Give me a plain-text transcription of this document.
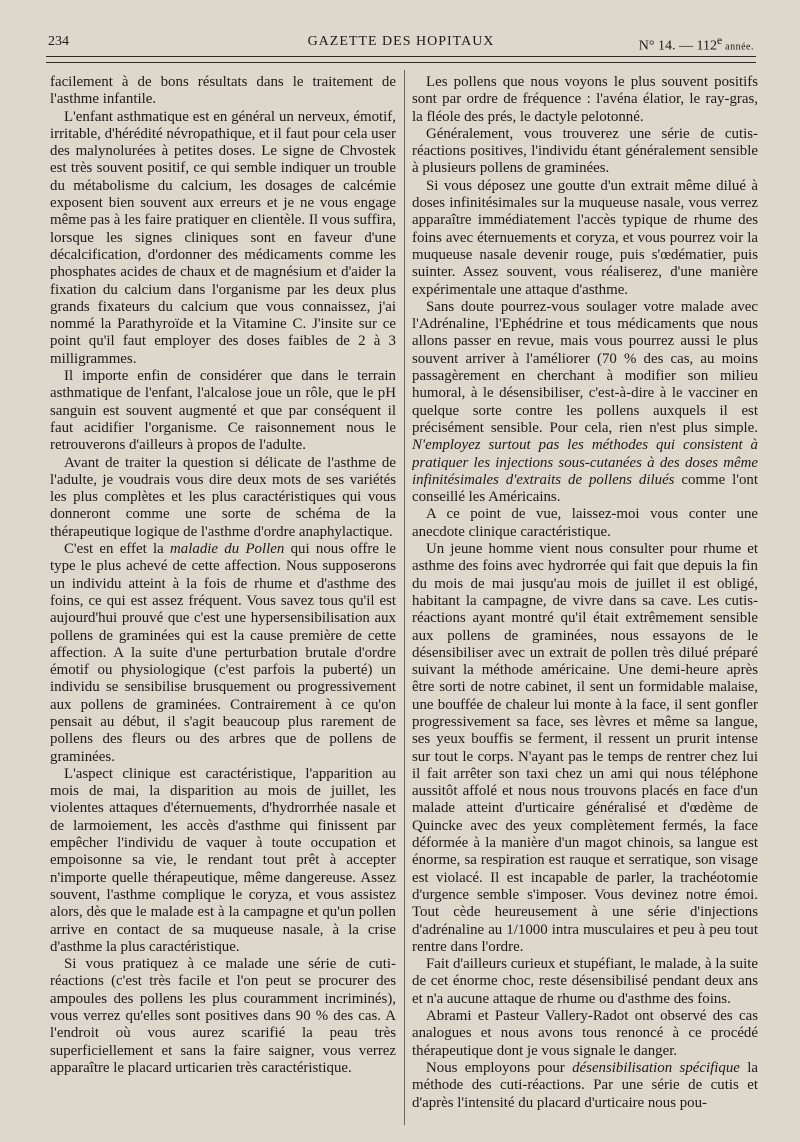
234	GAZETTE DES HOPITAUX	N° 14. — 112e année.

facilement à de bons résultats dans le traitement de l'asthme infantile.

L'enfant asthmatique est en général un nerveux, émotif, irritable, d'hérédité névropathique, et il faut pour cela user des malynolurées à petites doses. Le signe de Chvostek est très souvent positif, ce qui semble indiquer un trouble du métabolisme du calcium, les dosages de calcémie exposent bien souvent aux erreurs et je ne vous engage même pas à les faire pratiquer en clientèle. Il vous suffira, lorsque les signes cliniques sont en faveur d'une décalcification, d'ordonner des médicaments comme les phosphates acides de chaux et de magnésium et d'aider la fixation du calcium dans l'organisme par les deux plus grands fixateurs du calcium que vous connaissez, j'ai nommé la Parathyroïde et la Vitamine C. J'insite sur ce point qu'il faut employer des doses faibles de 2 à 3 milligrammes.

Il importe enfin de considérer que dans le terrain asthmatique de l'enfant, l'alcalose joue un rôle, que le pH sanguin est souvent augmenté et que par conséquent il faut acidifier l'organisme. Ce raisonnement nous le retrouverons d'ailleurs à propos de l'adulte.

Avant de traiter la question si délicate de l'asthme de l'adulte, je voudrais vous dire deux mots de ses variétés les plus complètes et les plus caractéristiques qui vous donneront comme une sorte de schéma de la thérapeutique logique de l'asthme d'ordre anaphylactique.

C'est en effet la maladie du Pollen qui nous offre le type le plus achevé de cette affection. Nous supposerons un individu atteint à la fois de rhume et d'asthme des foins, ce qui est assez fréquent. Vous savez tous qu'il est aujourd'hui prouvé que c'est une hypersensibilisation aux pollens de graminées qui est la cause première de cette affection. A la suite d'une perturbation brutale d'ordre émotif ou physiologique (c'est parfois la puberté) un individu se sensibilise brusquement ou progressivement aux pollens de graminées. Contrairement à ce qu'on pensait au début, il s'agit beaucoup plus rarement de pollens des fleurs ou des arbres que de pollens de graminées.

L'aspect clinique est caractéristique, l'apparition au mois de mai, la disparition au mois de juillet, les violentes attaques d'éternuements, d'hydrorrhée nasale et de larmoiement, les accès d'asthme qui finissent par empêcher l'individu de vaquer à toute occupation et empoisonne sa vie, le rendant tout prêt à accepter n'importe quelle thérapeutique, même dangereuse. Assez souvent, l'asthme complique le coryza, et vous assistez alors, dès que le malade est à la campagne et qu'un pollen arrive en contact de sa muqueuse nasale, à la crise d'asthme la plus caractéristique.

Si vous pratiquez à ce malade une série de cuti-réactions (c'est très facile et l'on peut se procurer des ampoules des pollens les plus couramment incriminés), vous verrez qu'elles sont positives dans 90 % des cas. A l'endroit où vous aurez scarifié la peau très superficiellement et sans la faire saigner, vous verrez apparaître le placard urticarien très caractéristique.

Les pollens que nous voyons le plus souvent positifs sont par ordre de fréquence : l'avéna élatior, le ray-gras, la fléole des prés, le dactyle pelotonné.

Généralement, vous trouverez une série de cutis-réactions positives, l'individu étant généralement sensible à plusieurs pollens de graminées.

Si vous déposez une goutte d'un extrait même dilué à doses infinitésimales sur la muqueuse nasale, vous verrez apparaître immédiatement l'accès typique de rhume des foins avec éternuements et coryza, et vous pourrez voir la muqueuse nasale devenir rouge, puis s'œdématier, puis suinter. Assez souvent, vous réaliserez, d'une manière expérimentale une attaque d'asthme.

Sans doute pourrez-vous soulager votre malade avec l'Adrénaline, l'Ephédrine et tous médicaments que nous allons passer en revue, mais vous pourrez aussi le plus souvent arriver à l'améliorer (70 % des cas, au moins passagèrement en cherchant à modifier son milieu humoral, à le désensibiliser, c'est-à-dire à le vacciner en quelque sorte contre les pollens auxquels il est précisément sensible. Pour cela, rien n'est plus simple. N'employez surtout pas les méthodes qui consistent à pratiquer les injections sous-cutanées à des doses même infinitésimales d'extraits de pollens dilués comme l'ont conseillé les Américains.

A ce point de vue, laissez-moi vous conter une anecdote clinique caractéristique.

Un jeune homme vient nous consulter pour rhume et asthme des foins avec hydrorrée qui fait que depuis la fin du mois de mai jusqu'au mois de juillet il est obligé, habitant la campagne, de vivre dans sa cave. Les cutis-réactions ayant montré qu'il était extrêmement sensible aux pollens de graminées, nous essayons de le désensibiliser avec un extrait de pollen très dilué préparé suivant la méthode américaine. Une demi-heure après être sorti de notre cabinet, il sent un formidable malaise, une bouffée de chaleur lui monte à la face, il sent gonfler progressivement sa face, ses lèvres et même sa langue, ses yeux bouffis se ferment, il ressent un prurit intense sur tout le corps. N'ayant pas le temps de rentrer chez lui il fait arrêter son taxi chez un ami qui nous téléphone aussitôt affolé et nous nous trouvons placés en face d'un malade atteint d'urticaire généralisé et d'œdème de Quincke avec des yeux complètement fermés, la face déformée à la manière d'un magot chinois, sa langue est énorme, sa respiration est rauque et serratique, son visage est violacé. Il est incapable de parler, la trachéotomie d'urgence semble s'imposer. Vous devinez notre émoi. Tout cède heureusement à une série d'injections d'adrénaline au 1/1000 intra musculaires et peu à peu tout rentre dans l'ordre.

Fait d'ailleurs curieux et stupéfiant, le malade, à la suite de cet énorme choc, reste désensibilisé pendant deux ans et n'a aucune attaque de rhume ou d'asthme des foins.

Abrami et Pasteur Vallery-Radot ont observé des cas analogues et nous avons tous renoncé à ce procédé thérapeutique dont je vous signale le danger.

Nous employons pour désensibilisation spécifique la méthode des cuti-réactions. Par une série de cutis et d'après l'intensité du placard d'urticaire nous pou-
